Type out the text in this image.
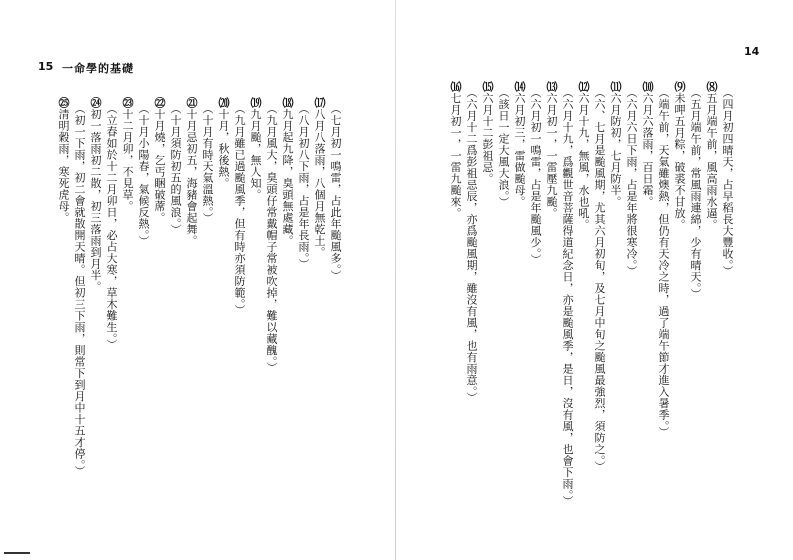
15 一命學的基礎
（七月初一鳴雷，占此年颱風多。）
⒄八月八落雨，八個月無乾土。
（八月初八下雨，占是年長雨。）
⒅九月起九降，臭頭無處藏。
（九月風大，臭頭仔常戴帽子常被吹掉，難以藏醜。）
⒆九月颱，無人知。
（九月雖已過颱風季，但有時亦須防範。）
⒇十月，秋後熱。
（十月有時天氣溫熱。）
㉑十月忌初五，海豬會起舞。
（十月須防初五的風浪。）
㉒十月燒，乞丐睏破蓆。
（十月小陽春，氣候反熱。）
㉓十二月卯，不見草。
（立春如於十二月卯日，必占大寒，草木難生。）
㉔初一落雨初二散，初三落雨到月半。
（初一下雨，初二會就散開天晴。但初三下雨，則常下到月中十五才停。）
㉕清明穀雨，寒死虎母。
14
（四月初四晴天，占早稻長大豐收。）
⑻五月端午前，風高雨水逼。
（五月端午前，常風雨連綿，少有晴天。）
⑼未呷五月粽，破裘不甘放。
（端午前，天氣雖燠熱，但仍有天冷之時，過了端午節才進入暑季。）
⑽六月六落雨，百日霜。
（六月六日下雨，占是年將很寒冷。）
⑾六月防初，七月防半。
（六、七月是颱風期，尤其六月初旬，及七月中旬之颱風最強烈，須防之。）
⑿六月十九，無風，水也吼。
（六月十九，爲觀世音菩薩得道紀念日，亦是颱風季，是日，沒有風，也會下雨。）
⒀六月初一，一雷壓九颱。
（六月初一鳴雷，占是年颱風少。）
⒁六月初三，雷做颱母。
（該日一定大風大浪。）
⒂六月十二彭祖忌。
（六月十二爲彭祖忌辰，亦爲颱風期，雖沒有風，也有雨意。）
⒃七月初一，一雷九颱來。
